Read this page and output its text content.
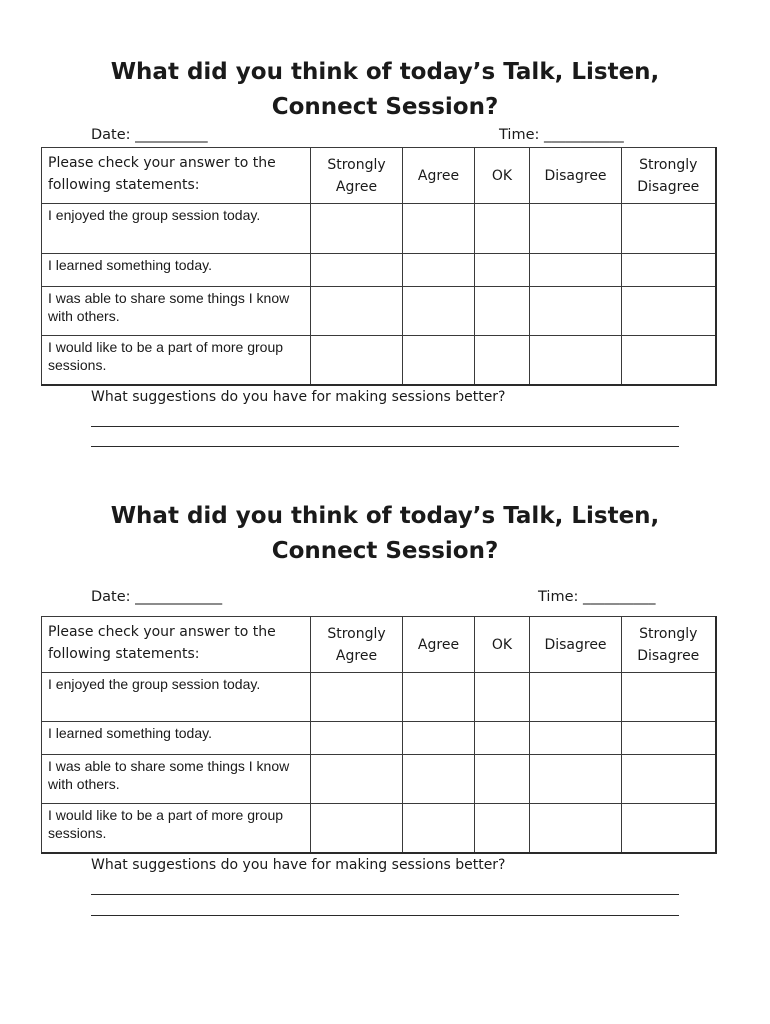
What did you think of today’s Talk, Listen,
Connect Session?
Date: __________	Time: ___________
Please check your answer to the following statements:	Strongly Agree	Agree	OK	Disagree	Strongly Disagree
I enjoyed the group session today.					
I learned something today.					
I was able to share some things I know with others.					
I would like to be a part of more group sessions.					
What suggestions do you have for making sessions better?
What did you think of today’s Talk, Listen,
Connect Session?
Date: ____________	Time: __________
Please check your answer to the following statements:	Strongly Agree	Agree	OK	Disagree	Strongly Disagree
I enjoyed the group session today.					
I learned something today.					
I was able to share some things I know with others.					
I would like to be a part of more group sessions.					
What suggestions do you have for making sessions better?
